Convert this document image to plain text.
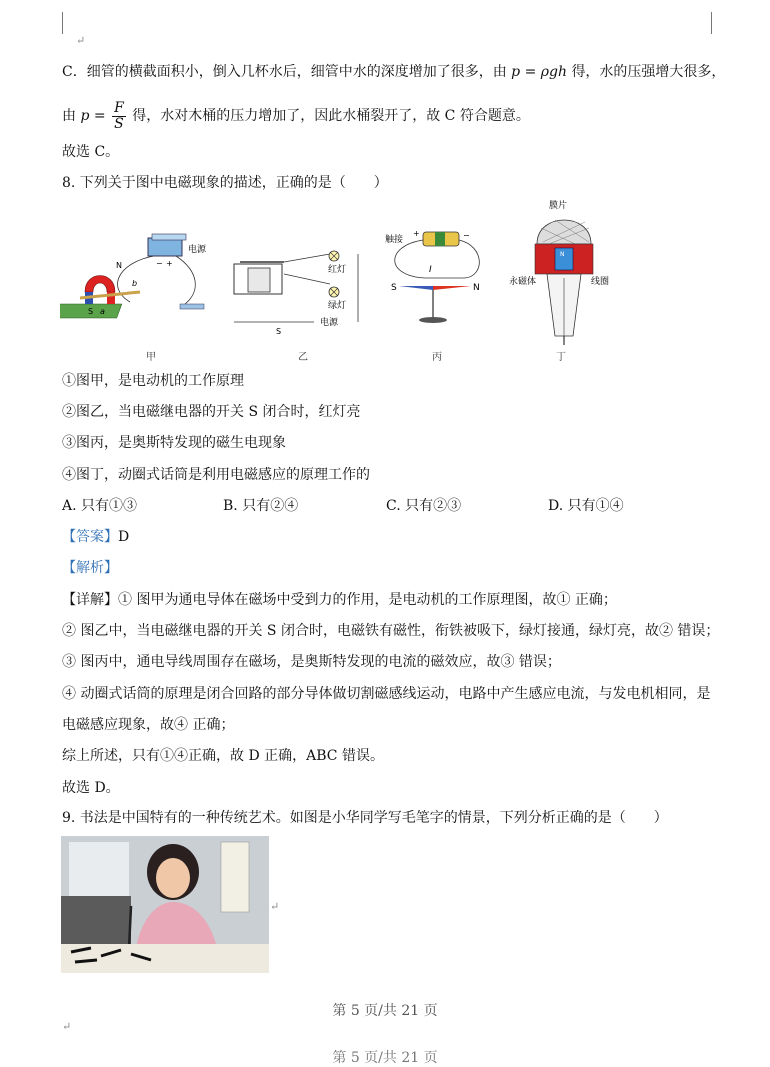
↵
C．细管的横截面积小，倒入几杯水后，细管中水的深度增加了很多，由 p = ρgh 得，水的压强增大很多，
由 $p = \frac{F}{S}$ 得，水对木桶的压力增加了，因此水桶裂开了，故 C 符合题意。
故选 C。
8. 下列关于图中电磁现象的描述，正确的是（　　）
电源
N
S a
b
− +
甲
红灯
绿灯
电源
S
乙
触接
+	−
I
S	N
丙
膜片
N
永磁体	线圈
丁
①图甲，是电动机的工作原理
②图乙，当电磁继电器的开关 S 闭合时，红灯亮
③图丙，是奥斯特发现的磁生电现象
④图丁，动圈式话筒是利用电磁感应的原理工作的
A. 只有①③	B. 只有②④	C. 只有②③	D. 只有①④
【答案】D
【解析】
【详解】① 图甲为通电导体在磁场中受到力的作用，是电动机的工作原理图，故① 正确；
② 图乙中，当电磁继电器的开关 S 闭合时，电磁铁有磁性，衔铁被吸下，绿灯接通，绿灯亮，故② 错误；
③ 图丙中，通电导线周围存在磁场，是奥斯特发现的电流的磁效应，故③ 错误；
④ 动圈式话筒的原理是闭合回路的部分导体做切割磁感线运动，电路中产生感应电流，与发电机相同，是
电磁感应现象，故④ 正确；
综上所述，只有①④正确，故 D 正确，ABC 错误。
故选 D。
9. 书法是中国特有的一种传统艺术。如图是小华同学写毛笔字的情景，下列分析正确的是（　　）
↵
第 5 页/共 21 页
↵
第 5 页/共 21 页
